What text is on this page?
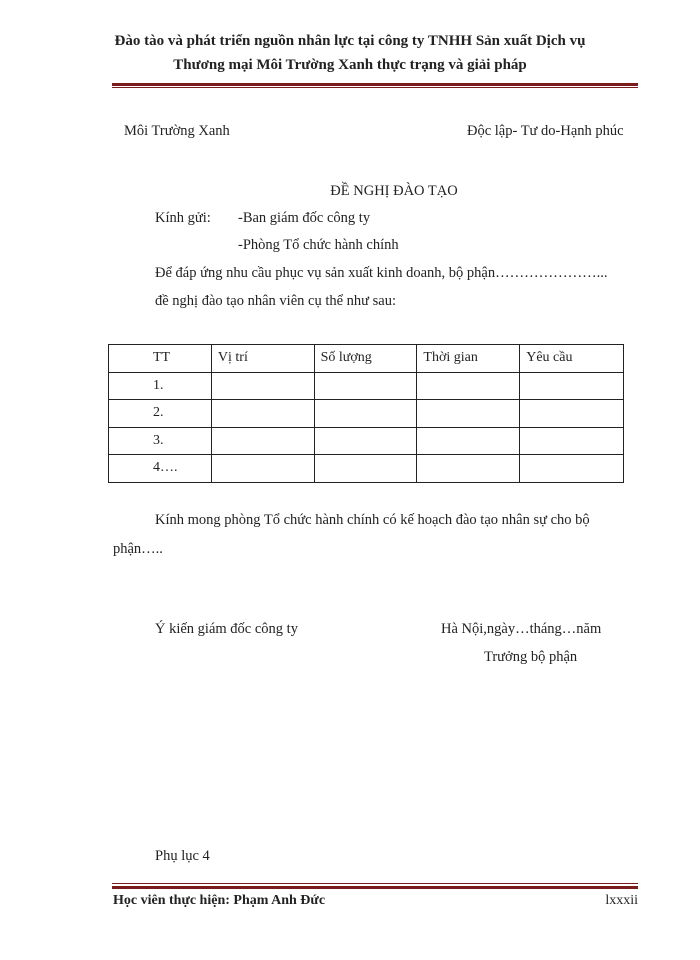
Đào tào và phát triển nguồn nhân lực tại công ty TNHH Sản xuất Dịch vụ
Thương mại Môi Trường Xanh thực trạng và giải pháp
Môi Trường Xanh	Độc lập- Tư do-Hạnh phúc
ĐỀ NGHỊ ĐÀO TẠO
Kính gửi: -Ban giám đốc công ty
-Phòng Tổ chức hành chính
Để đáp ứng nhu cầu phục vụ sản xuất kinh doanh, bộ phận…………………...
đề nghị đào tạo nhân viên cụ thể như sau:
TT	Vị trí	Số lượng	Thời gian	Yêu cầu
1.				
2.				
3.				
4….				
Kính mong phòng Tổ chức hành chính có kế hoạch đào tạo nhân sự cho bộ
phận…..
Ý kiến giám đốc công ty	Hà Nội,ngày…tháng…năm
Trưởng bộ phận
Phụ lục 4
Học viên thực hiện: Phạm Anh Đức	lxxxii
